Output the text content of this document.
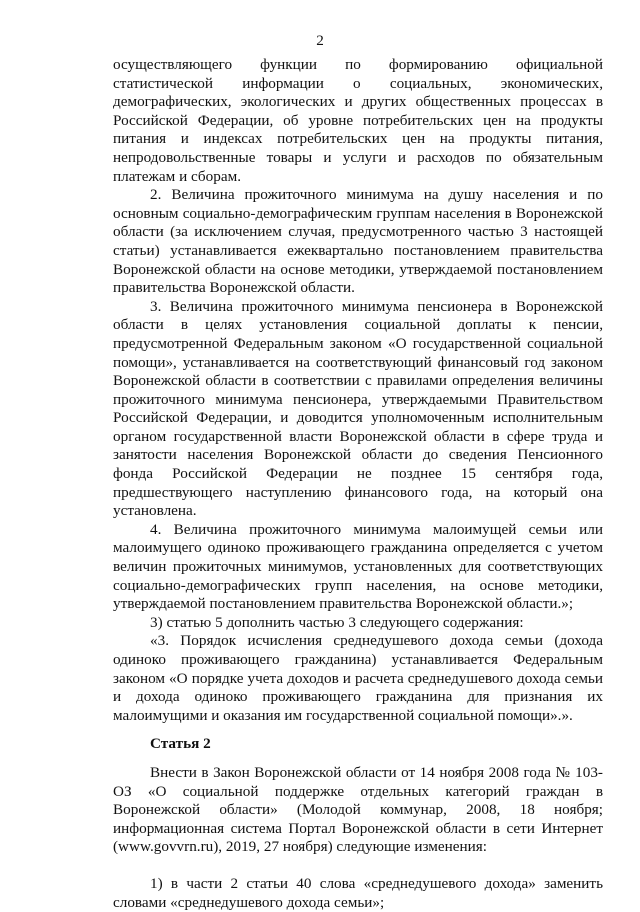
2

осуществляющего функции по формированию официальной статистической информации о социальных, экономических, демографических, экологических и других общественных процессах в Российской Федерации, об уровне потребительских цен на продукты питания и индексах потребительских цен на продукты питания, непродовольственные товары и услуги и расходов по обязательным платежам и сборам.

2. Величина прожиточного минимума на душу населения и по основным социально-демографическим группам населения в Воронежской области (за исключением случая, предусмотренного частью 3 настоящей статьи) устанавливается ежеквартально постановлением правительства Воронежской области на основе методики, утверждаемой постановлением правительства Воронежской области.

3. Величина прожиточного минимума пенсионера в Воронежской области в целях установления социальной доплаты к пенсии, предусмотренной Федеральным законом «О государственной социальной помощи», устанавливается на соответствующий финансовый год законом Воронежской области в соответствии с правилами определения величины прожиточного минимума пенсионера, утверждаемыми Правительством Российской Федерации, и доводится уполномоченным исполнительным органом государственной власти Воронежской области в сфере труда и занятости населения Воронежской области до сведения Пенсионного фонда Российской Федерации не позднее 15 сентября года, предшествующего наступлению финансового года, на который она установлена.

4. Величина прожиточного минимума малоимущей семьи или малоимущего одиноко проживающего гражданина определяется с учетом величин прожиточных минимумов, установленных для соответствующих социально-демографических групп населения, на основе методики, утверждаемой постановлением правительства Воронежской области.»;

3) статью 5 дополнить частью 3 следующего содержания:

«3. Порядок исчисления среднедушевого дохода семьи (дохода одиноко проживающего гражданина) устанавливается Федеральным законом «О порядке учета доходов и расчета среднедушевого дохода семьи и дохода одиноко проживающего гражданина для признания их малоимущими и оказания им государственной социальной помощи».».

Статья 2

Внести в Закон Воронежской области от 14 ноября 2008 года № 103-ОЗ «О социальной поддержке отдельных категорий граждан в Воронежской области» (Молодой коммунар, 2008, 18 ноября; информационная система Портал Воронежской области в сети Интернет (www.govvrn.ru), 2019, 27 ноября) следующие изменения:

1) в части 2 статьи 40 слова «среднедушевого дохода» заменить словами «среднедушевого дохода семьи»;
